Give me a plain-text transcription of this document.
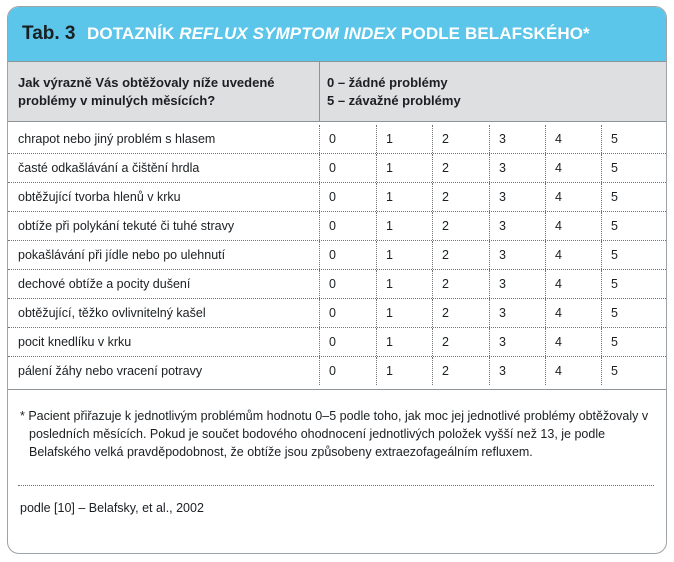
Tab. 3 DOTAZNÍK REFLUX SYMPTOM INDEX PODLE BELAFSKÉHO*
Jak výrazně Vás obtěžovaly níže uvedené problémy v minulých měsících?
0 – žádné problémy
5 – závažné problémy
chrapot nebo jiný problém s hlasem	0	1	2	3	4	5
časté odkašlávání a čištění hrdla	0	1	2	3	4	5
obtěžující tvorba hlenů v krku	0	1	2	3	4	5
obtíže při polykání tekuté či tuhé stravy	0	1	2	3	4	5
pokašlávání při jídle nebo po ulehnutí	0	1	2	3	4	5
dechové obtíže a pocity dušení	0	1	2	3	4	5
obtěžující, těžko ovlivnitelný kašel	0	1	2	3	4	5
pocit knedlíku v krku	0	1	2	3	4	5
pálení žáhy nebo vracení potravy	0	1	2	3	4	5
* Pacient přiřazuje k jednotlivým problémům hodnotu 0–5 podle toho, jak moc jej jednotlivé problémy obtěžovaly v posledních měsících. Pokud je součet bodového ohodnocení jednotlivých položek vyšší než 13, je podle Belafského velká pravděpodobnost, že obtíže jsou způsobeny extraezofageálním refluxem.
podle [10] – Belafsky, et al., 2002
